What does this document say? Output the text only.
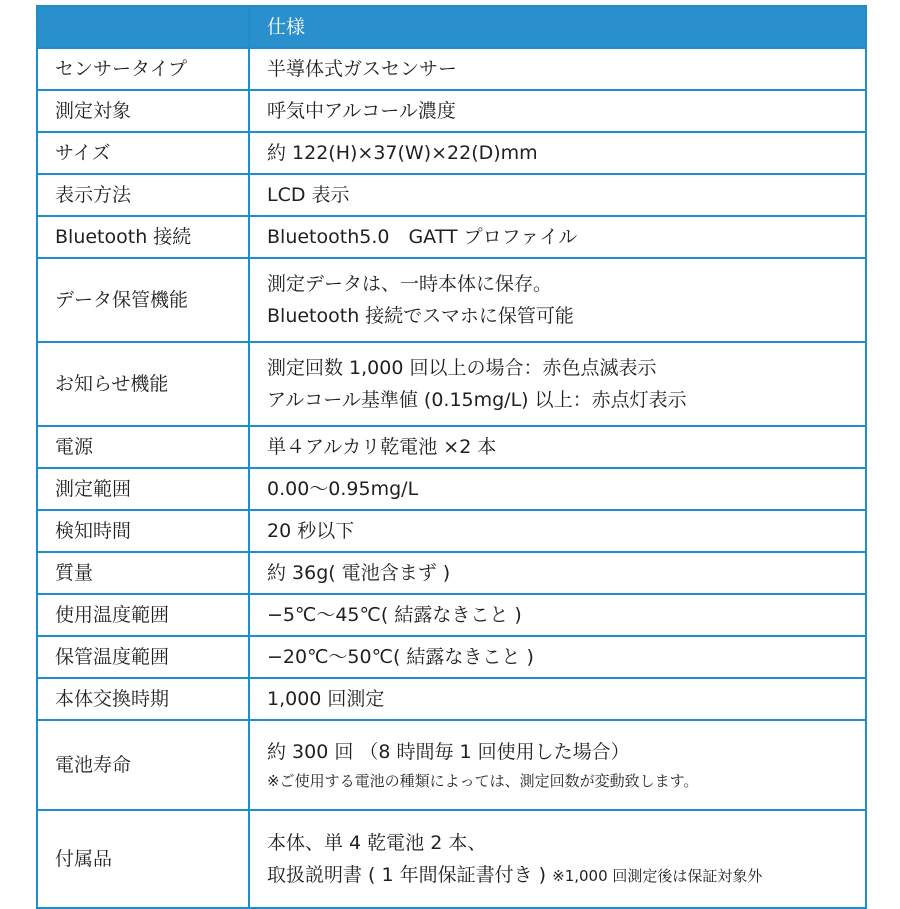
	仕様
センサータイプ	半導体式ガスセンサー

測定対象	呼気中アルコール濃度

サイズ	約 122(H)×37(W)×22(D)mm

表示方法	LCD 表示

Bluetooth 接続	Bluetooth5.0　GATT プロファイル

データ保管機能	測定データは、一時本体に保存。
Bluetooth 接続でスマホに保管可能

お知らせ機能	測定回数 1,000 回以上の場合：赤色点滅表示
アルコール基準値 (0.15mg/L) 以上：赤点灯表示

電源	単４アルカリ乾電池 ×2 本

測定範囲	0.00～0.95mg/L

検知時間	20 秒以下

質量	約 36g( 電池含まず )

使用温度範囲	−5℃～45℃( 結露なきこと )

保管温度範囲	−20℃～50℃( 結露なきこと )

本体交換時期	1,000 回測定

電池寿命	約 300 回 （8 時間毎 1 回使用した場合）
※ご使用する電池の種類によっては、測定回数が変動致します。

付属品	本体、単 4 乾電池 2 本、
取扱説明書 ( 1 年間保証書付き ) ※1,000 回測定後は保証対象外
